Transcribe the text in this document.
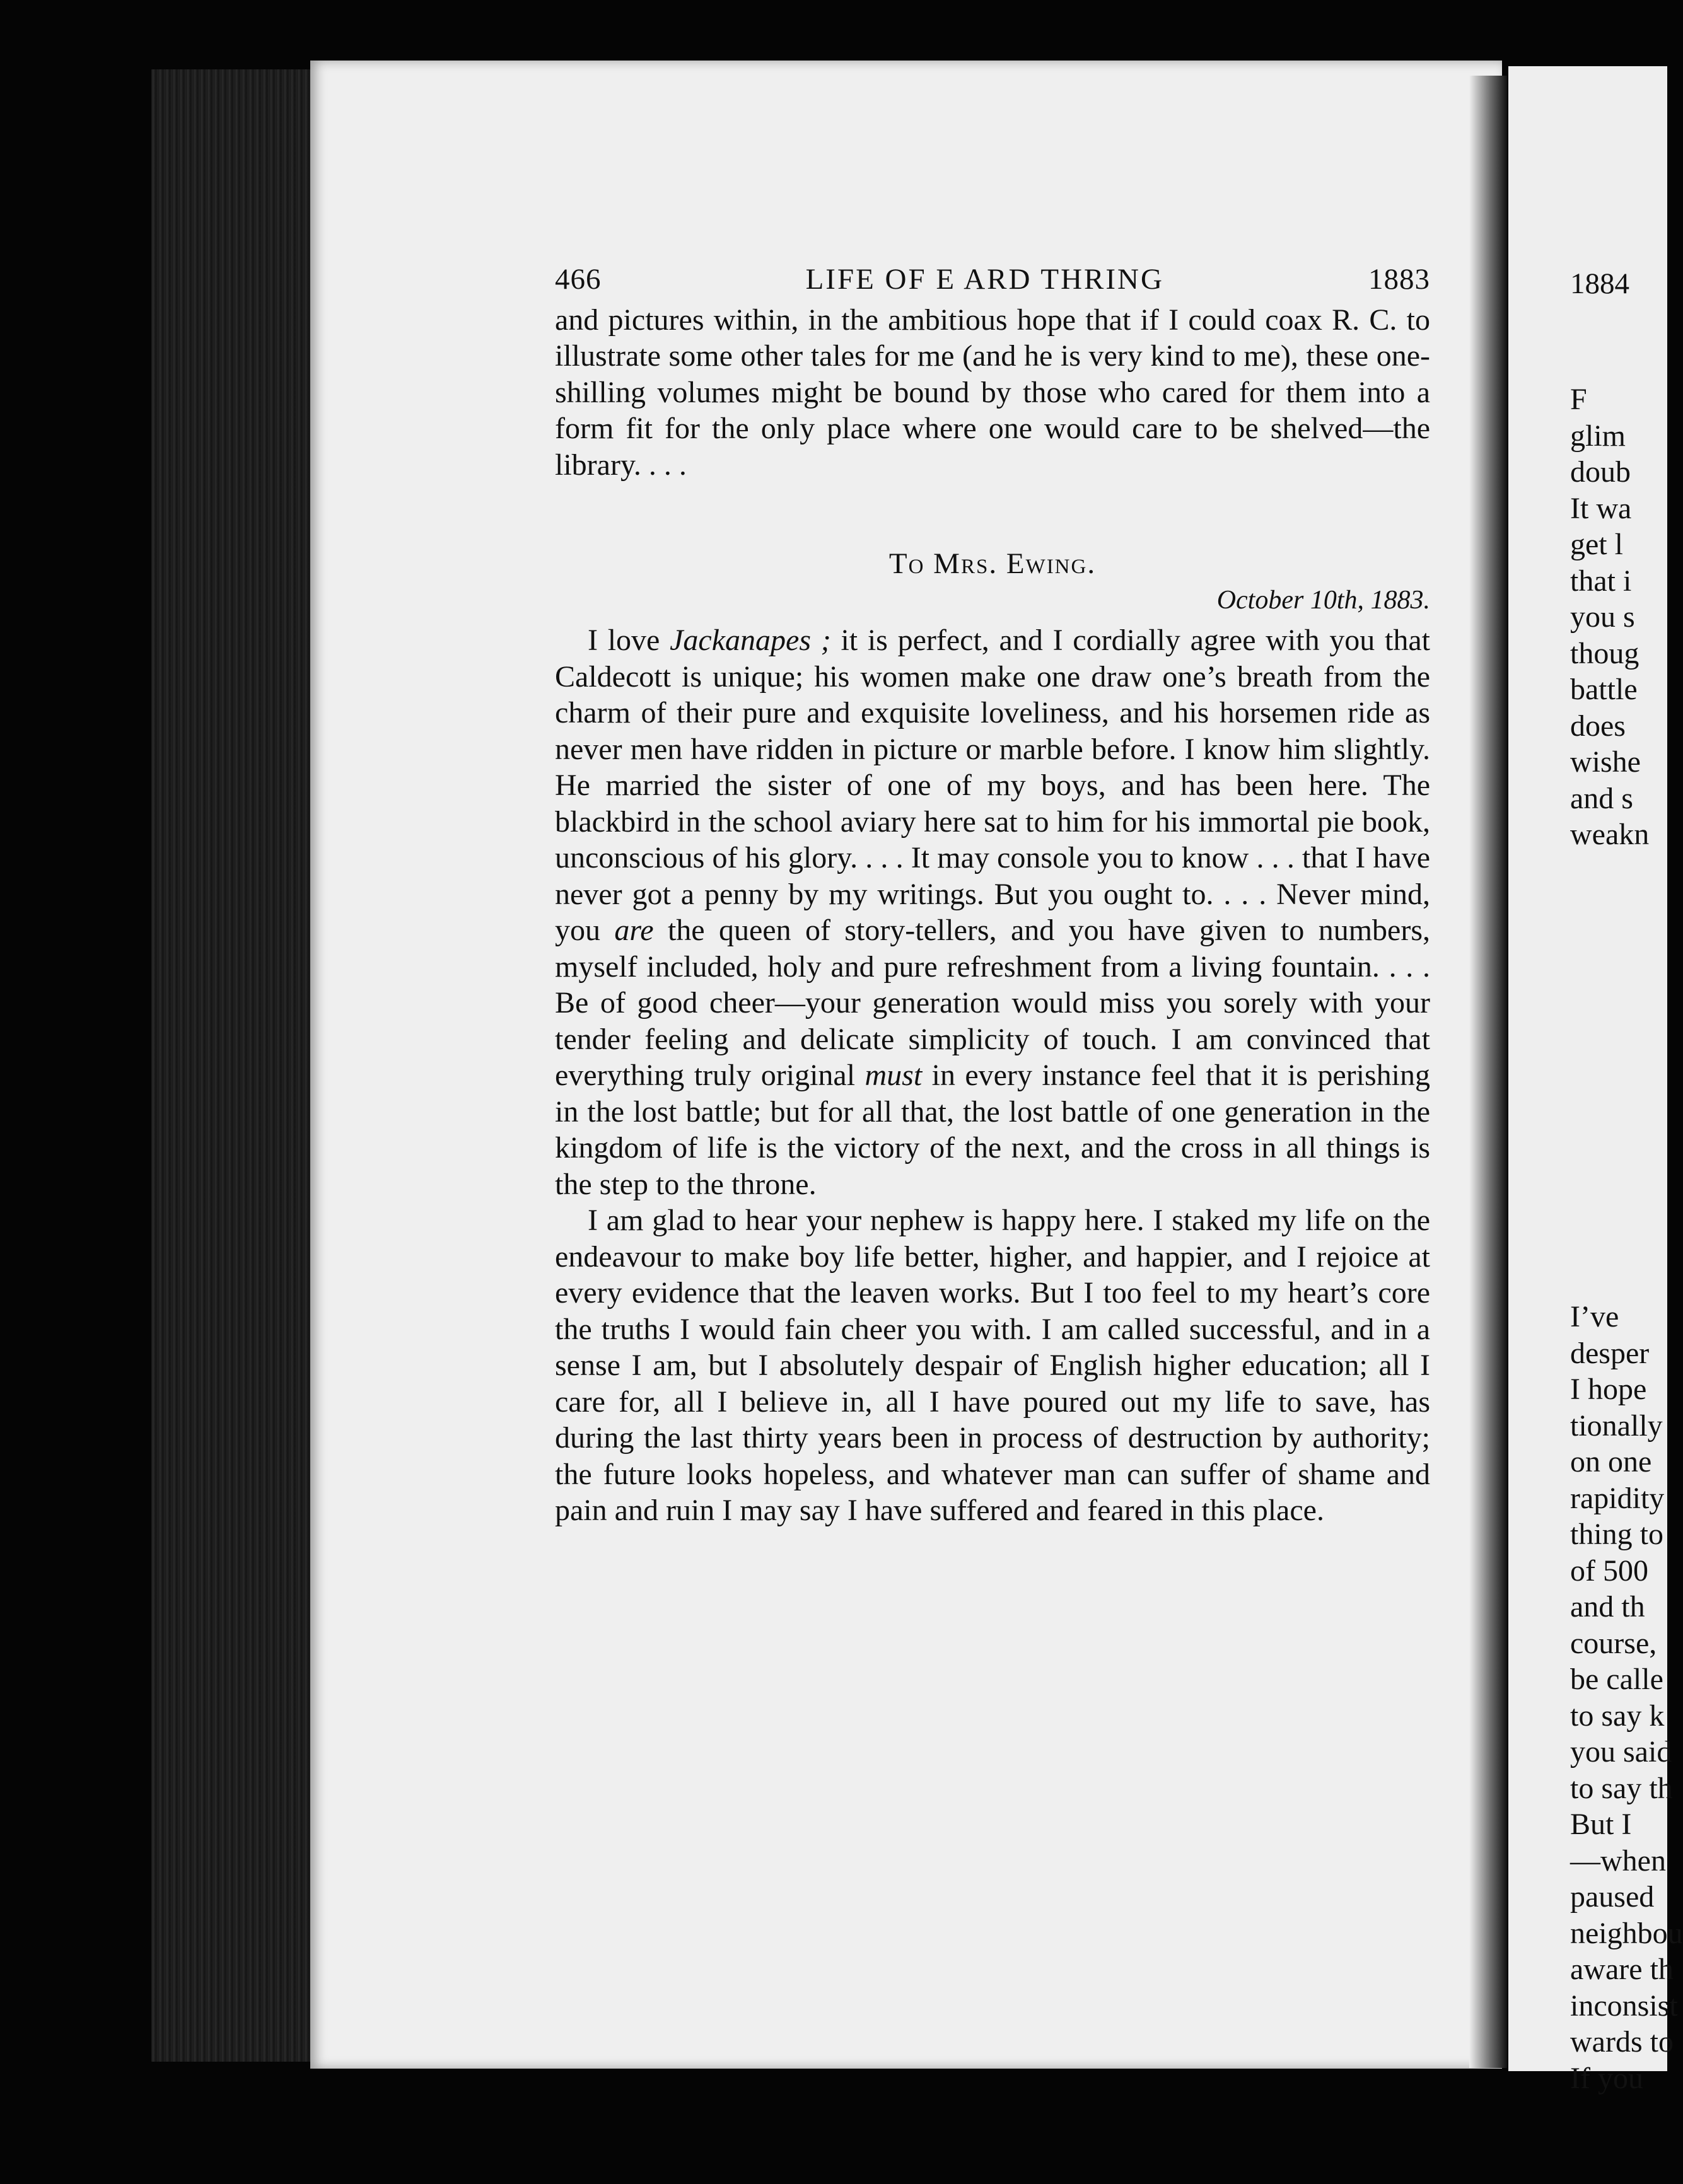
466	LIFE OF E ARD THRING	1883

and pictures within, in the ambitious hope that if I could coax R. C. to illustrate some other tales for me (and he is very kind to me), these one-shilling volumes might be bound by those who cared for them into a form fit for the only place where one would care to be shelved—the library. . . .

To Mrs. Ewing.

October 10th, 1883.

I love Jackanapes ; it is perfect, and I cordially agree with you that Caldecott is unique; his women make one draw one’s breath from the charm of their pure and exquisite loveliness, and his horsemen ride as never men have ridden in picture or marble before. I know him slightly. He married the sister of one of my boys, and has been here. The blackbird in the school aviary here sat to him for his immortal pie book, unconscious of his glory. . . . It may console you to know . . . that I have never got a penny by my writings. But you ought to. . . . Never mind, you are the queen of story-tellers, and you have given to numbers, myself included, holy and pure refreshment from a living fountain. . . . Be of good cheer—your generation would miss you sorely with your tender feeling and delicate simplicity of touch. I am convinced that everything truly original must in every instance feel that it is perishing in the lost battle; but for all that, the lost battle of one generation in the kingdom of life is the victory of the next, and the cross in all things is the step to the throne.

I am glad to hear your nephew is happy here. I staked my life on the endeavour to make boy life better, higher, and happier, and I rejoice at every evidence that the leaven works. But I too feel to my heart’s core the truths I would fain cheer you with. I am called successful, and in a sense I am, but I absolutely despair of English higher education; all I care for, all I believe in, all I have poured out my life to save, has during the last thirty years been in process of destruction by authority; the future looks hopeless, and whatever man can suffer of shame and pain and ruin I may say I have suffered and feared in this place.

1884
F
glim
doub
It wa
get l
that i
you s
thoug
battle
does
wishe
and s
weakn
I’ve
desper
I hope
tionally
on one
rapidity
thing to
of 500
and th
course,
be calle
to say k
you said
to say th
But I
—when
paused
neighbou
aware th
inconsist
wards to
If you
